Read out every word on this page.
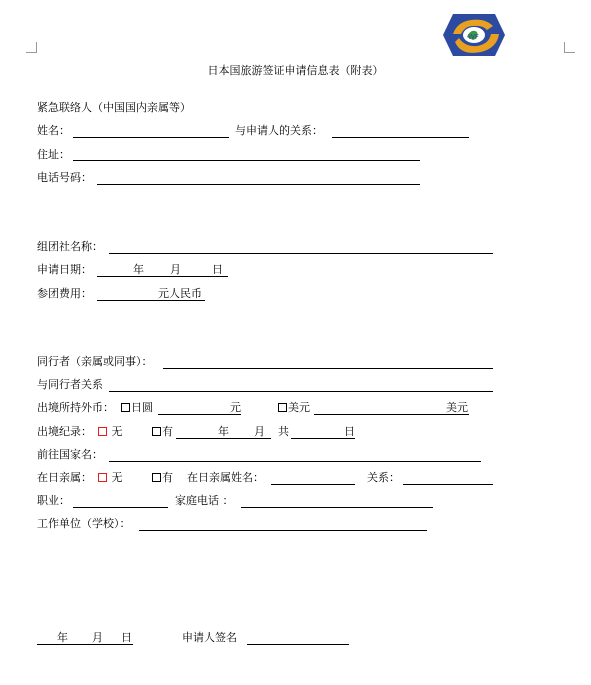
WF
日本国旅游签证申请信息表（附表）
紧急联络人（中国国内亲属等）
姓名：	与申请人的关系：
住址：
电话号码：
组团社名称：
申请日期：	年 月	日
参团费用：	元人民币
同行者（亲属或同事）：
与同行者关系
出境所持外币：	日圆	元	美元	美元
出境纪录：	无	有	年 月 共	日
前往国家名：
在日亲属：	无	有 在日亲属姓名：	关系：
职业：	家庭电话 ：
工作单位（学校）：
年 月 日	申请人签名
